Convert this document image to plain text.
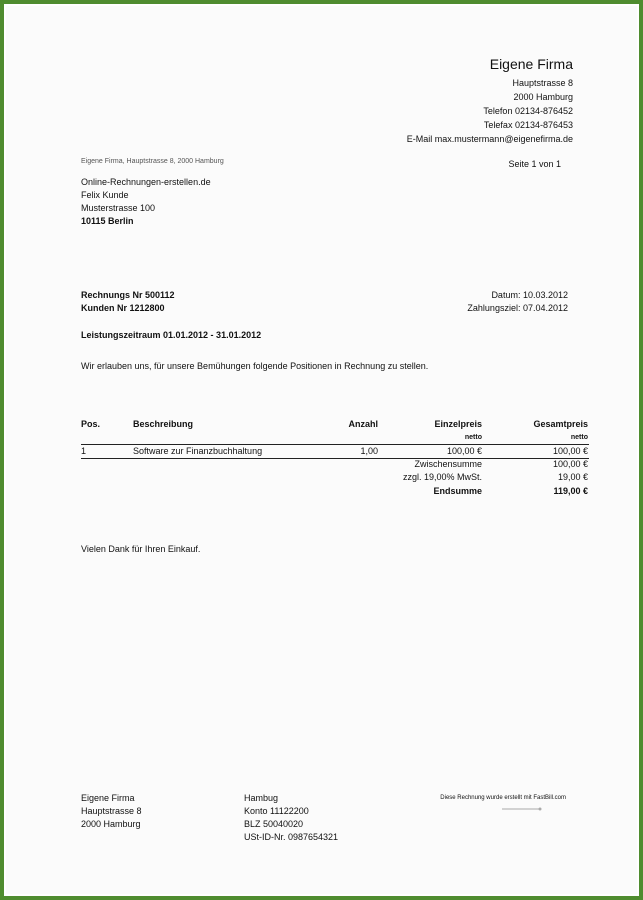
Eigene Firma
Hauptstrasse 8
2000 Hamburg
Telefon 02134-876452
Telefax 02134-876453
E-Mail max.mustermann@eigenefirma.de
Eigene Firma, Hauptstrasse 8, 2000 Hamburg	Seite 1 von 1
Online-Rechnungen-erstellen.de
Felix Kunde
Musterstrasse 100
10115 Berlin
Rechnungs Nr 500112
Kunden Nr 1212800
Datum: 10.03.2012
Zahlungsziel: 07.04.2012
Leistungszeitraum 01.01.2012 - 31.01.2012
Wir erlauben uns, für unsere Bemühungen folgende Positionen in Rechnung zu stellen.
Pos.	Beschreibung	Anzahl	Einzelpreis	Gesamtpreis
netto	netto
1	Software zur Finanzbuchhaltung	1,00	100,00 €	100,00 €
Zwischensumme	100,00 €
zzgl. 19,00% MwSt.	19,00 €
Endsumme	119,00 €
Vielen Dank für Ihren Einkauf.
Eigene Firma
Hauptstrasse 8
2000 Hamburg
Hambug
Konto 11122200
BLZ 50040020
USt-ID-Nr. 0987654321
Diese Rechnung wurde erstellt mit FastBill.com
